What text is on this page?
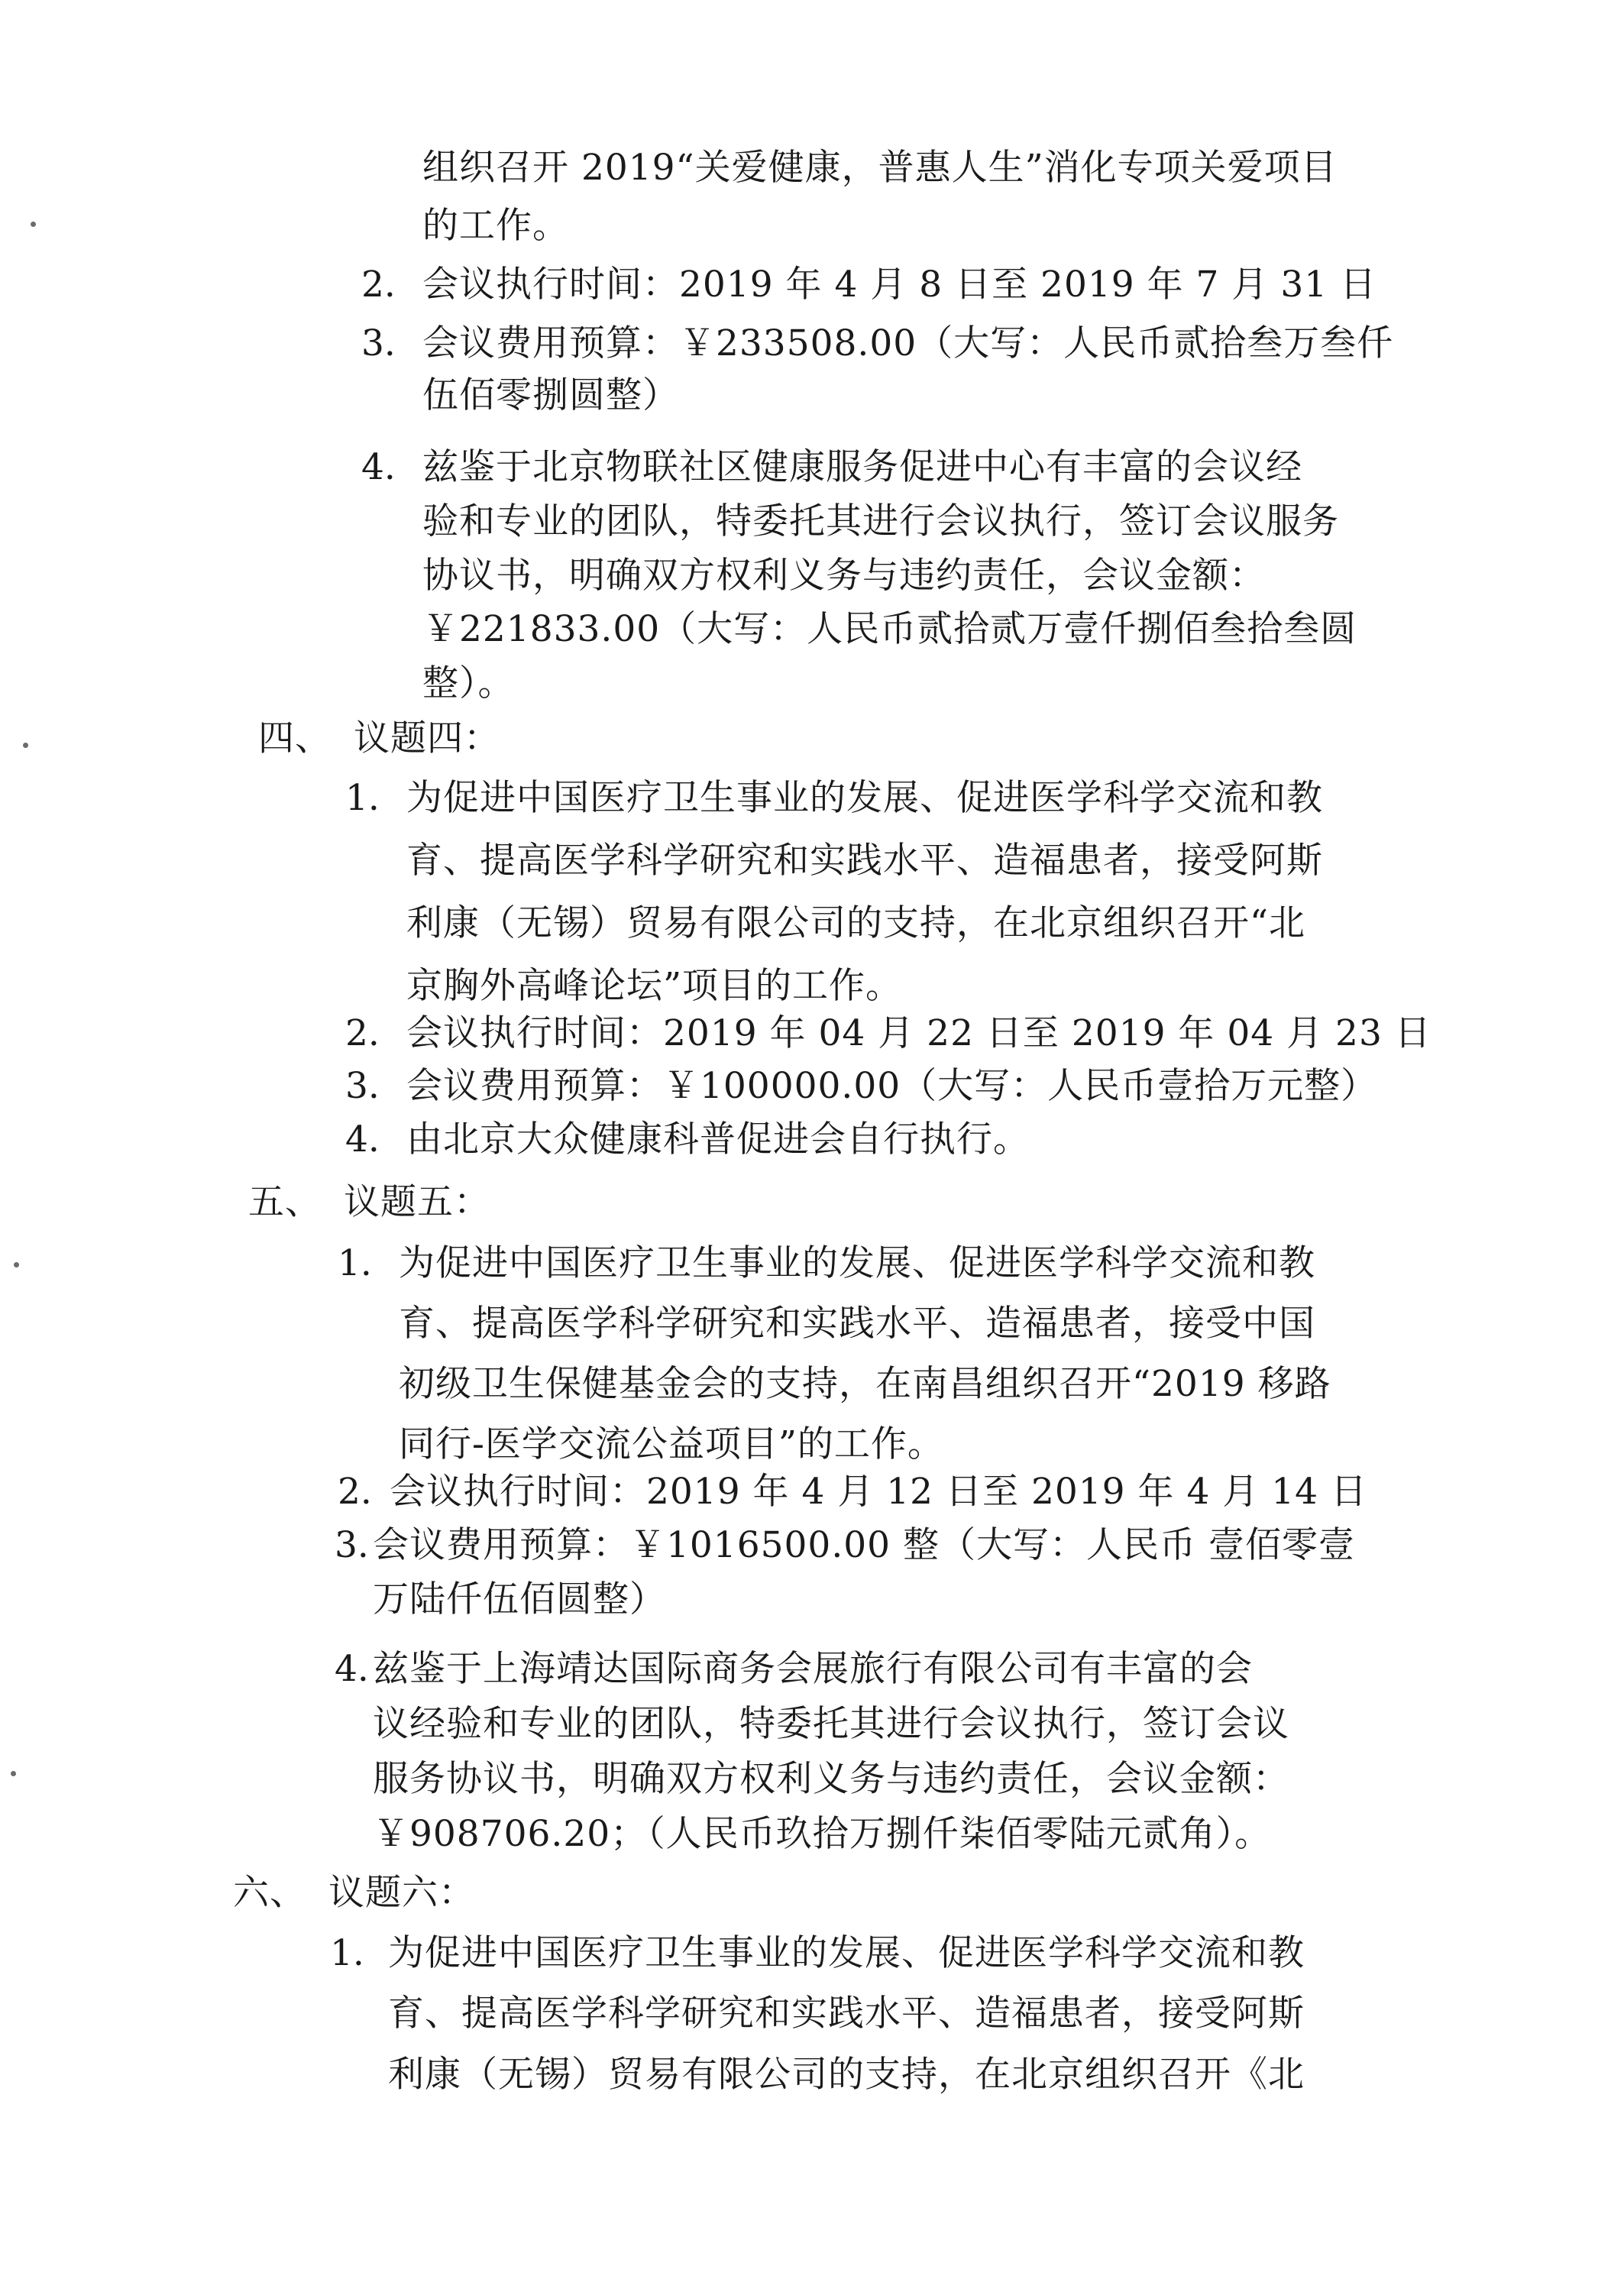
组织召开 2019“关爱健康，普惠人生”消化专项关爱项目
的工作。
2. 会议执行时间：2019 年 4 月 8 日至 2019 年 7 月 31 日
3. 会议费用预算：￥233508.00（大写：人民币贰拾叁万叁仟
伍佰零捌圆整）
4. 兹鉴于北京物联社区健康服务促进中心有丰富的会议经
验和专业的团队，特委托其进行会议执行，签订会议服务
协议书，明确双方权利义务与违约责任，会议金额：
￥221833.00（大写：人民币贰拾贰万壹仟捌佰叁拾叁圆
整）。
四、 议题四：
1. 为促进中国医疗卫生事业的发展、促进医学科学交流和教
育、提高医学科学研究和实践水平、造福患者，接受阿斯
利康（无锡）贸易有限公司的支持，在北京组织召开“北
京胸外高峰论坛”项目的工作。
2. 会议执行时间：2019 年 04 月 22 日至 2019 年 04 月 23 日
3. 会议费用预算：￥100000.00（大写：人民币壹拾万元整）
4. 由北京大众健康科普促进会自行执行。
五、 议题五：
1. 为促进中国医疗卫生事业的发展、促进医学科学交流和教
育、提高医学科学研究和实践水平、造福患者，接受中国
初级卫生保健基金会的支持，在南昌组织召开“2019 移路
同行-医学交流公益项目”的工作。
2. 会议执行时间：2019 年 4 月 12 日至 2019 年 4 月 14 日
3. 会议费用预算：￥1016500.00 整（大写：人民币 壹佰零壹
万陆仟伍佰圆整）
4. 兹鉴于上海靖达国际商务会展旅行有限公司有丰富的会
议经验和专业的团队，特委托其进行会议执行，签订会议
服务协议书，明确双方权利义务与违约责任，会议金额：
￥908706.20；（人民币玖拾万捌仟柒佰零陆元贰角）。
六、 议题六：
1. 为促进中国医疗卫生事业的发展、促进医学科学交流和教
育、提高医学科学研究和实践水平、造福患者，接受阿斯
利康（无锡）贸易有限公司的支持，在北京组织召开《北
